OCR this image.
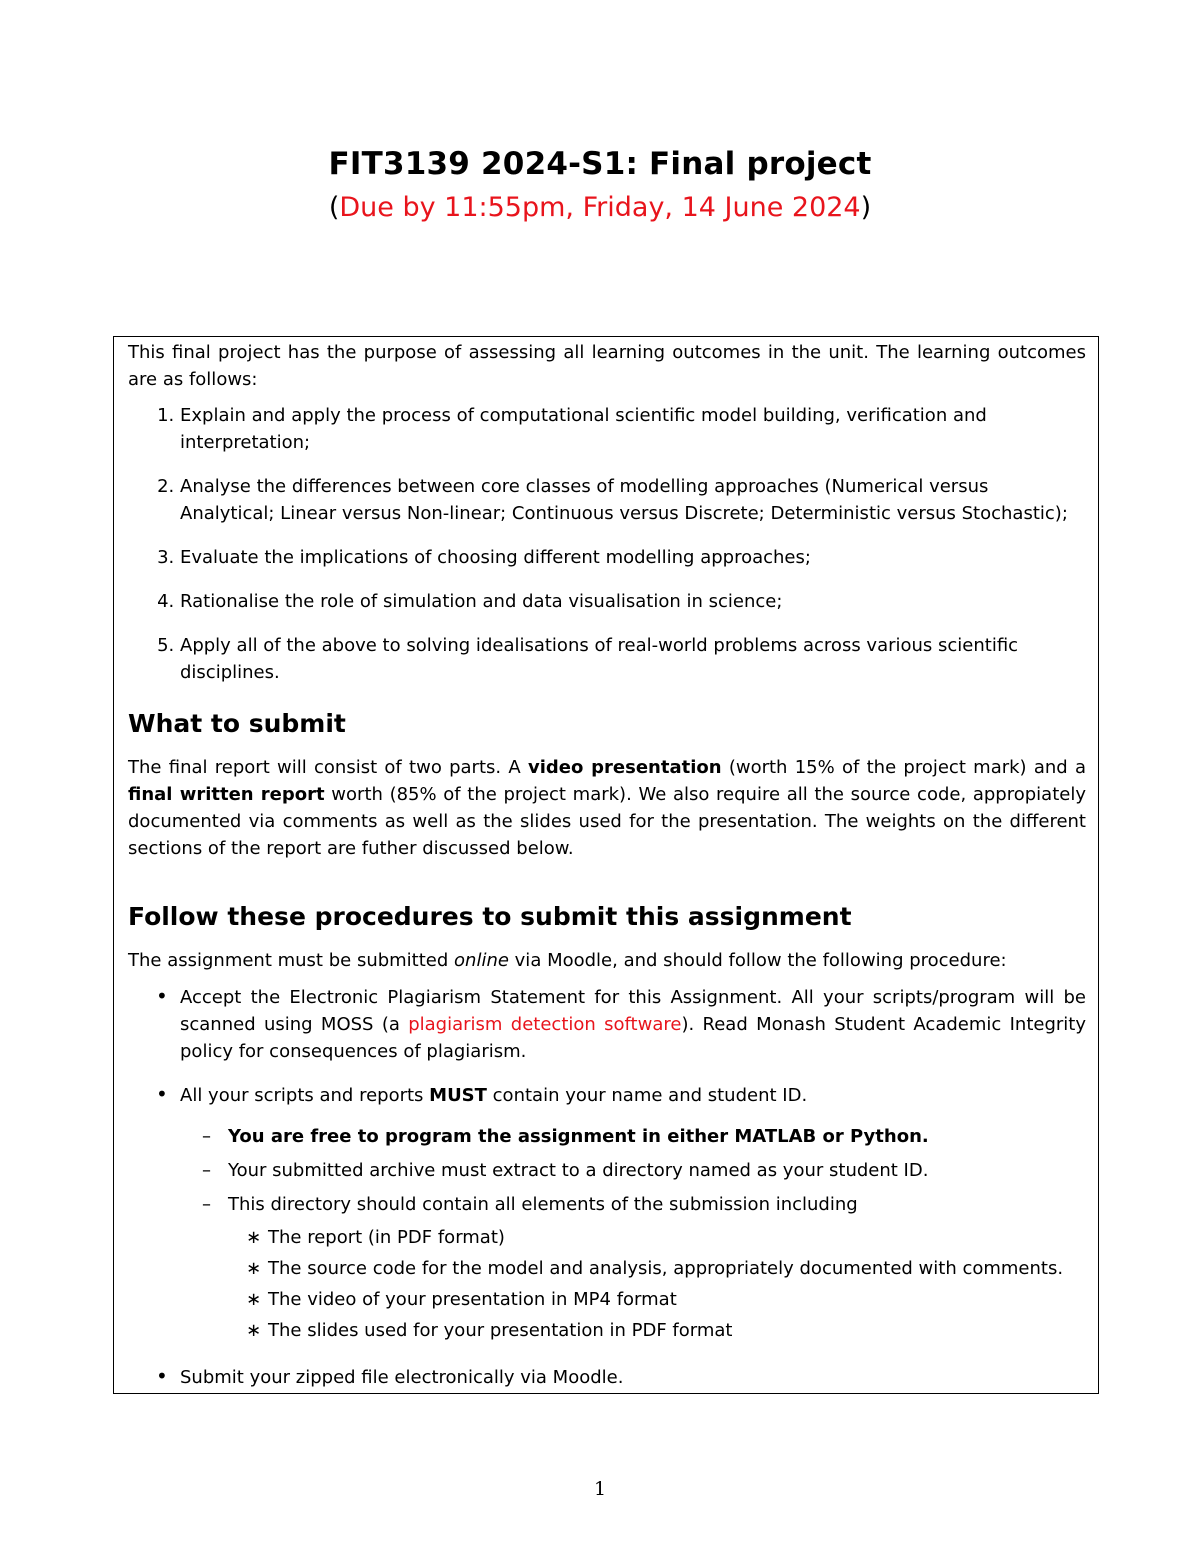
FIT3139 2024-S1: Final project
(Due by 11:55pm, Friday, 14 June 2024)

This final project has the purpose of assessing all learning outcomes in the unit. The learning outcomes are as follows:

1. Explain and apply the process of computational scientific model building, verification and interpretation;
2. Analyse the differences between core classes of modelling approaches (Numerical versus Analytical; Linear versus Non-linear; Continuous versus Discrete; Deterministic versus Stochastic);
3. Evaluate the implications of choosing different modelling approaches;
4. Rationalise the role of simulation and data visualisation in science;
5. Apply all of the above to solving idealisations of real-world problems across various scientific disciplines.
What to submit

The final report will consist of two parts. A video presentation (worth 15% of the project mark) and a final written report worth (85% of the project mark). We also require all the source code, appropiately documented via comments as well as the slides used for the presentation. The weights on the different sections of the report are futher discussed below.

Follow these procedures to submit this assignment

The assignment must be submitted online via Moodle, and should follow the following procedure:

• Accept the Electronic Plagiarism Statement for this Assignment. All your scripts/program will be scanned using MOSS (a plagiarism detection software). Read Monash Student Academic Integrity policy for consequences of plagiarism.
• All your scripts and reports MUST contain your name and student ID.
– You are free to program the assignment in either MATLAB or Python.
– Your submitted archive must extract to a directory named as your student ID.
– This directory should contain all elements of the submission including
∗ The report (in PDF format)
∗ The source code for the model and analysis, appropriately documented with comments.
∗ The video of your presentation in MP4 format
∗ The slides used for your presentation in PDF format
• Submit your zipped file electronically via Moodle.
1
